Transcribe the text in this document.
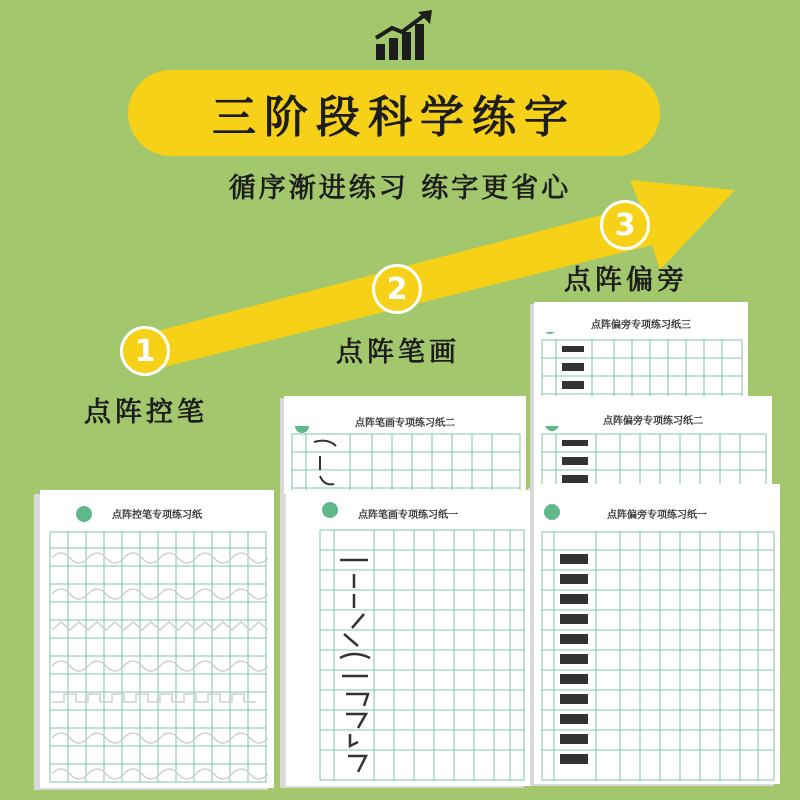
三阶段科学练字
循序渐进练习 练字更省心
1
点阵控笔
2
点阵笔画
3
点阵偏旁
点阵偏旁专项练习纸三
点阵偏旁专项练习纸二
点阵偏旁专项练习纸一
点阵笔画专项练习纸二
点阵笔画专项练习纸一
点阵控笔专项练习纸
